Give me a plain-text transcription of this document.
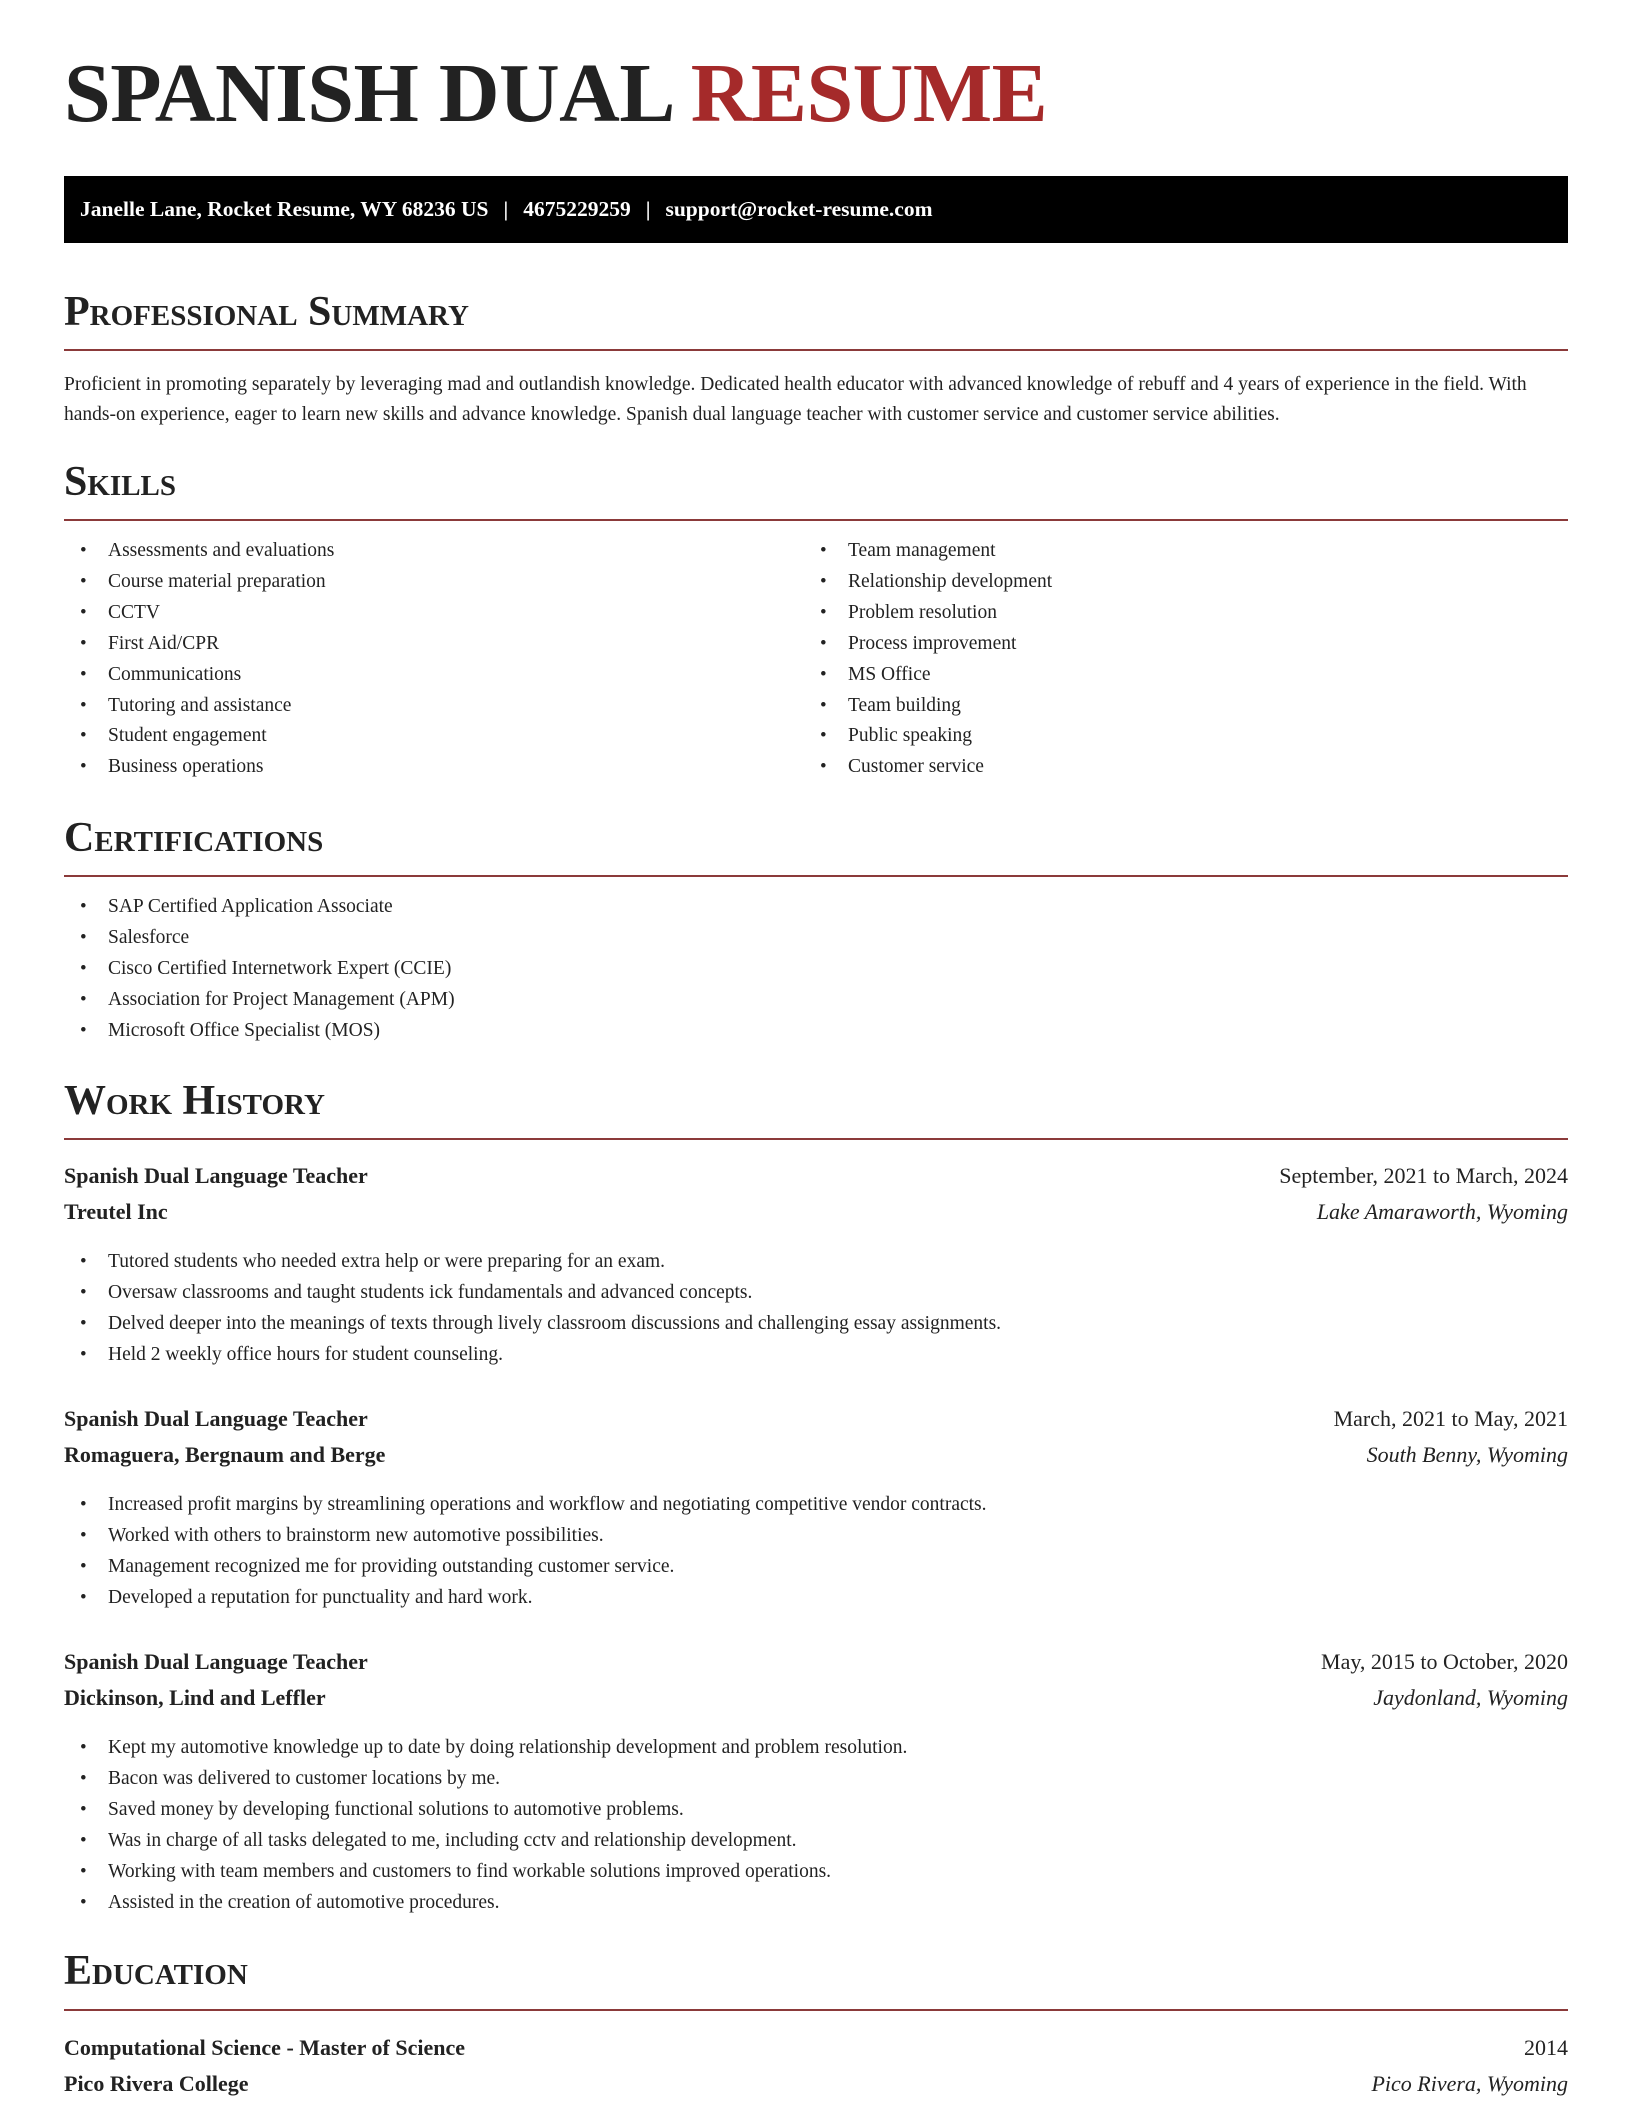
SPANISH DUAL RESUME
Janelle Lane, Rocket Resume, WY 68236 US | 4675229259 | support@rocket-resume.com
Professional Summary

Proficient in promoting separately by leveraging mad and outlandish knowledge. Dedicated health educator with advanced knowledge of rebuff and 4 years of experience in the field. With hands-on experience, eager to learn new skills and advance knowledge. Spanish dual language teacher with customer service and customer service abilities.

Skills
• Assessments and evaluations
• Course material preparation
• CCTV
• First Aid/CPR
• Communications
• Tutoring and assistance
• Student engagement
• Business operations
• Team management
• Relationship development
• Problem resolution
• Process improvement
• MS Office
• Team building
• Public speaking
• Customer service
Certifications
• SAP Certified Application Associate
• Salesforce
• Cisco Certified Internetwork Expert (CCIE)
• Association for Project Management (APM)
• Microsoft Office Specialist (MOS)
Work History
Spanish Dual Language Teacher	September, 2021 to March, 2024
Treutel Inc	Lake Amaraworth, Wyoming
• Tutored students who needed extra help or were preparing for an exam.
• Oversaw classrooms and taught students ick fundamentals and advanced concepts.
• Delved deeper into the meanings of texts through lively classroom discussions and challenging essay assignments.
• Held 2 weekly office hours for student counseling.
Spanish Dual Language Teacher	March, 2021 to May, 2021
Romaguera, Bergnaum and Berge	South Benny, Wyoming
• Increased profit margins by streamlining operations and workflow and negotiating competitive vendor contracts.
• Worked with others to brainstorm new automotive possibilities.
• Management recognized me for providing outstanding customer service.
• Developed a reputation for punctuality and hard work.
Spanish Dual Language Teacher	May, 2015 to October, 2020
Dickinson, Lind and Leffler	Jaydonland, Wyoming
• Kept my automotive knowledge up to date by doing relationship development and problem resolution.
• Bacon was delivered to customer locations by me.
• Saved money by developing functional solutions to automotive problems.
• Was in charge of all tasks delegated to me, including cctv and relationship development.
• Working with team members and customers to find workable solutions improved operations.
• Assisted in the creation of automotive procedures.
Education
Computational Science - Master of Science	2014
Pico Rivera College	Pico Rivera, Wyoming
